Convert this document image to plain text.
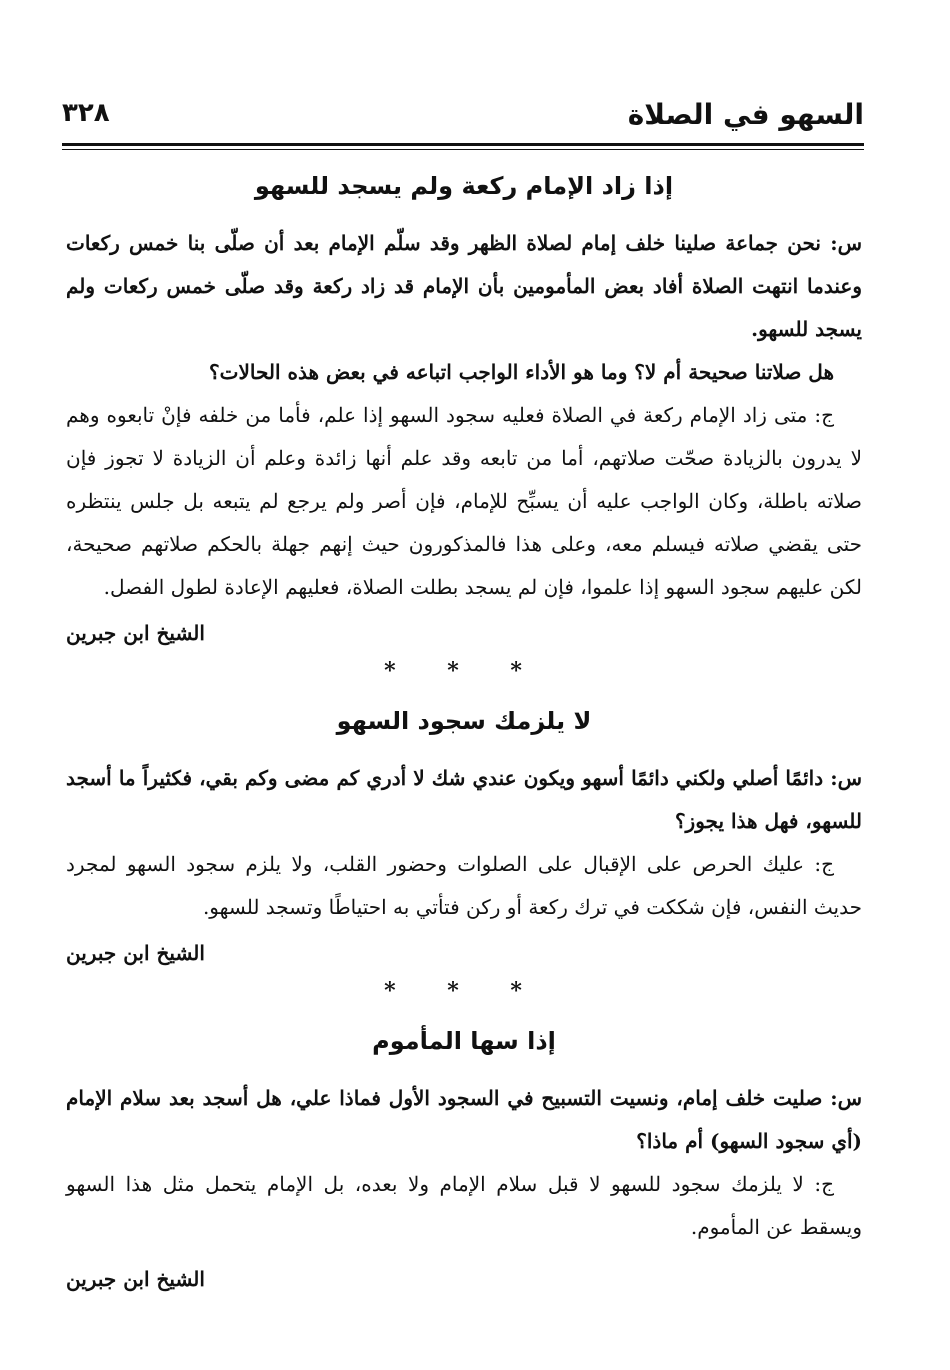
السهو في الصلاة
٣٢٨
إذا زاد الإمام ركعة ولم يسجد للسهو

س: نحن جماعة صلينا خلف إمام لصلاة الظهر وقد سلّم الإمام بعد أن صلّى بنا خمس ركعات وعندما انتهت الصلاة أفاد بعض المأمومين بأن الإمام قد زاد ركعة وقد صلّى خمس ركعات ولم يسجد للسهو.

هل صلاتنا صحيحة أم لا؟ وما هو الأداء الواجب اتباعه في بعض هذه الحالات؟

ج: متى زاد الإمام ركعة في الصلاة فعليه سجود السهو إذا علم، فأما من خلفه فإنْ تابعوه وهم لا يدرون بالزيادة صحّت صلاتهم، أما من تابعه وقد علم أنها زائدة وعلم أن الزيادة لا تجوز فإن صلاته باطلة، وكان الواجب عليه أن يسبِّح للإمام، فإن أصر ولم يرجع لم يتبعه بل جلس ينتظره حتى يقضي صلاته فيسلم معه، وعلى هذا فالمذكورون حيث إنهم جهلة بالحكم صلاتهم صحيحة، لكن عليهم سجود السهو إذا علموا، فإن لم يسجد بطلت الصلاة، فعليهم الإعادة لطول الفصل.

الشيخ ابن جبرين
* * *
لا يلزمك سجود السهو

س: دائمًا أصلي ولكني دائمًا أسهو ويكون عندي شك لا أدري كم مضى وكم بقي، فكثيراً ما أسجد للسهو، فهل هذا يجوز؟

ج: عليك الحرص على الإقبال على الصلوات وحضور القلب، ولا يلزم سجود السهو لمجرد حديث النفس، فإن شككت في ترك ركعة أو ركن فتأتي به احتياطًا وتسجد للسهو.

الشيخ ابن جبرين
* * *
إذا سها المأموم

س: صليت خلف إمام، ونسيت التسبيح في السجود الأول فماذا علي، هل أسجد بعد سلام الإمام (أي سجود السهو) أم ماذا؟

ج: لا يلزمك سجود للسهو لا قبل سلام الإمام ولا بعده، بل الإمام يتحمل مثل هذا السهو ويسقط عن المأموم.

الشيخ ابن جبرين
